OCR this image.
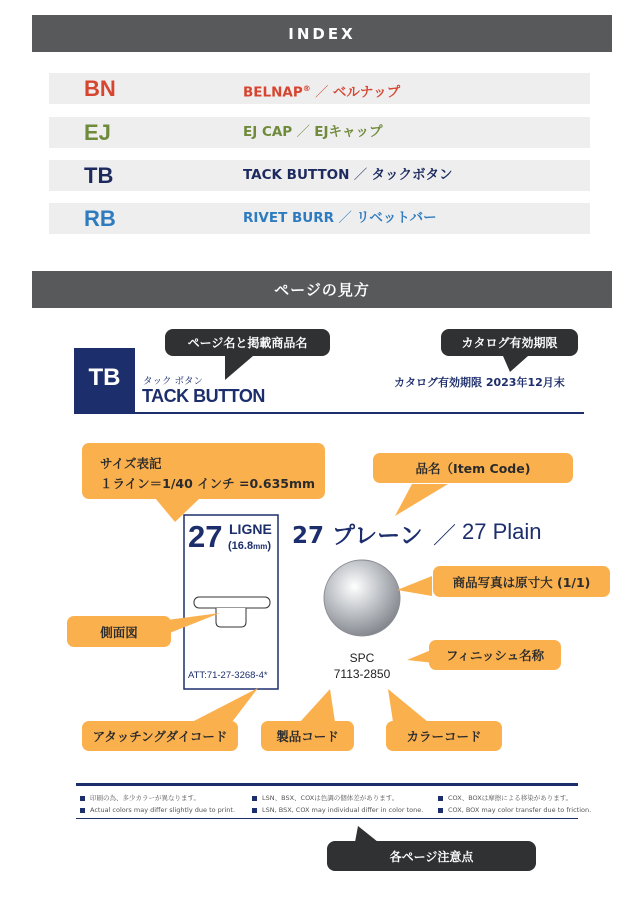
INDEX
BN	BELNAP® ／ ベルナップ
EJ	EJ CAP ／ EJキャップ
TB	TACK BUTTON ／ タックボタン
RB	RIVET BURR ／ リベットバー
ページの見方
ページ名と掲載商品名	カタログ有効期限
TB	タック ボタン
TACK BUTTON
カタログ有効期限 2023年12月末
サイズ表記
１ライン＝1/40 インチ =0.635mm
品名（Item Code)
27 LIGNE
(16.8mm) 27 プレーン ／ 27 Plain
商品写真は原寸大 (1/1)
側面図
SPC
7113-2850
フィニッシュ名称
ATT:71-27-3268-4*
アタッチングダイコード	製品コード	カラーコード
印刷の為、多少カラーが異なります。
Actual colors may differ slightly due to print.
LSN、BSX、COXは色調の個体差があります。
LSN, BSX, COX may individual differ in color tone.
COX、BOXは摩擦による移染があります。
COX, BOX may color transfer due to friction.
各ページ注意点
